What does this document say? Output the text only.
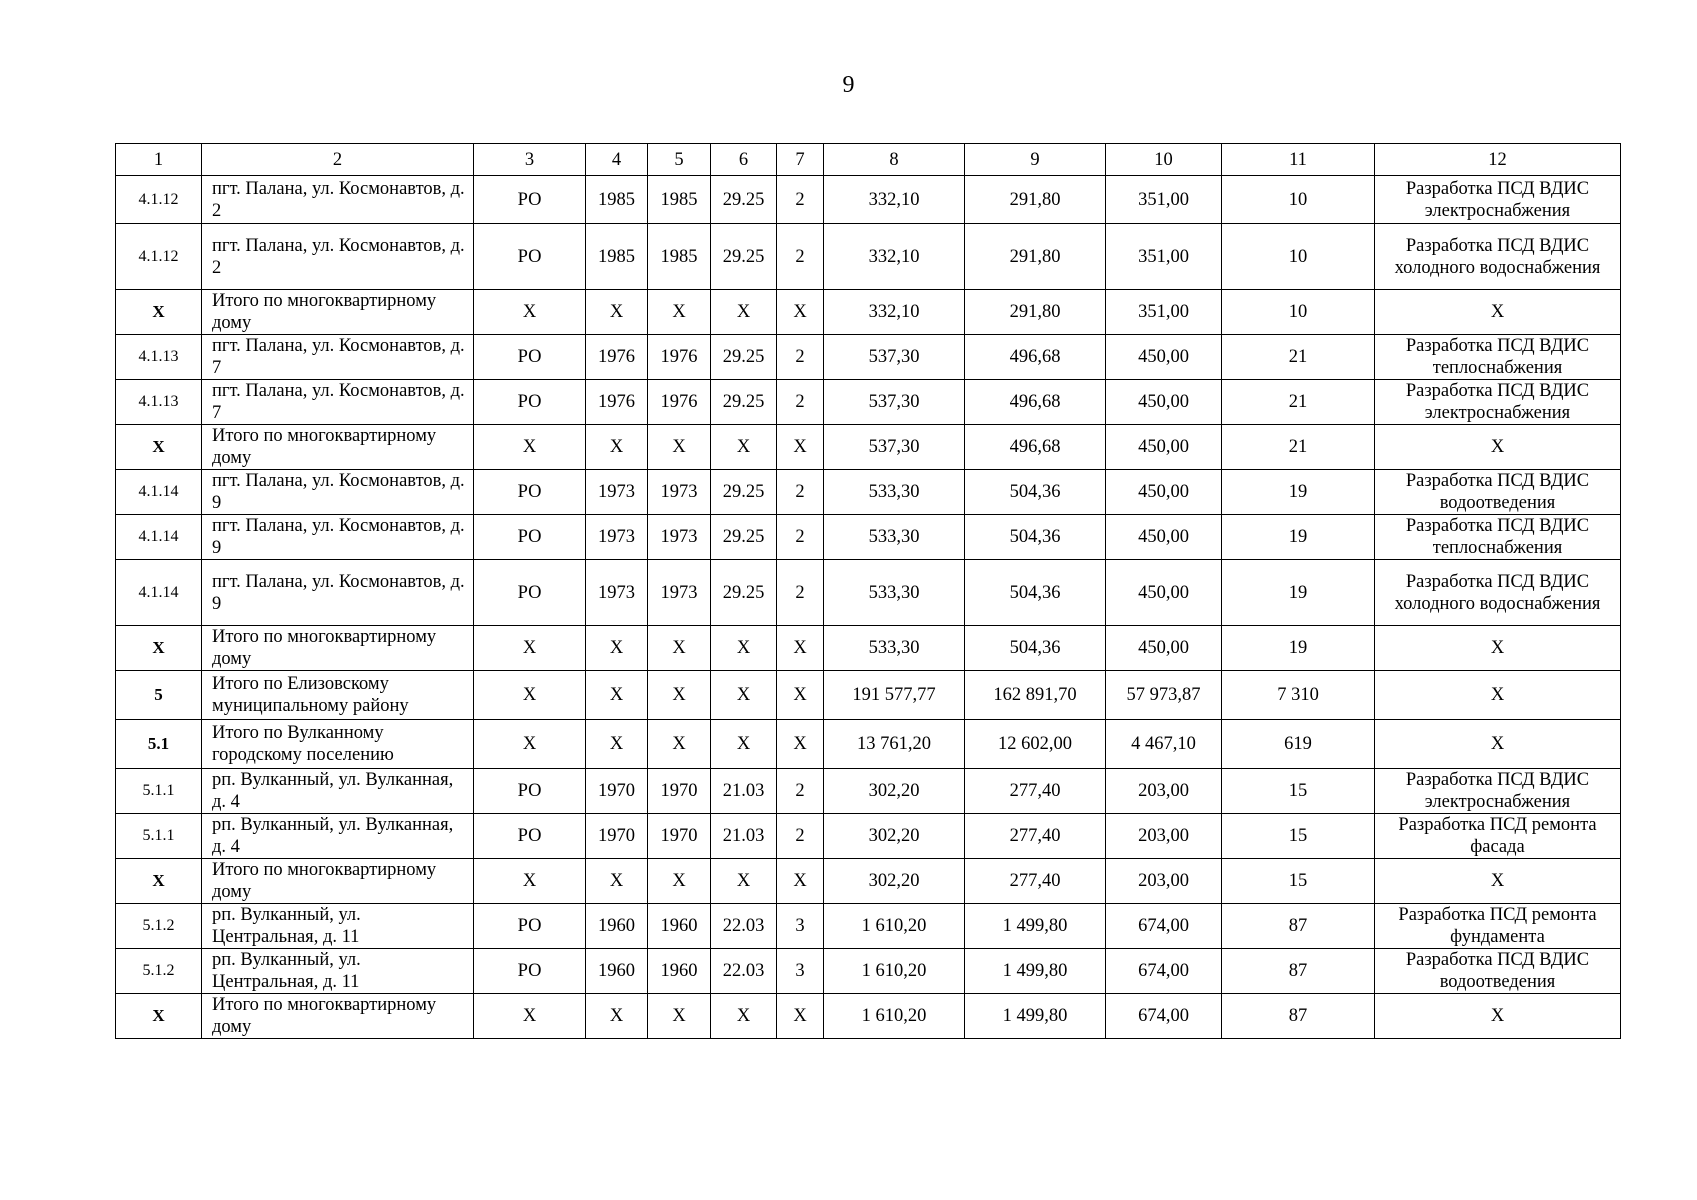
9
1	2	3	4	5	6	7	8	9	10	11	12
4.1.12	пгт. Палана, ул. Космонавтов, д. 2	РО	1985	1985	29.25	2	332,10	291,80	351,00	10	Разработка ПСД ВДИС электроснабжения
4.1.12	пгт. Палана, ул. Космонавтов, д. 2	РО	1985	1985	29.25	2	332,10	291,80	351,00	10	Разработка ПСД ВДИС холодного водоснабжения
Х	Итого по многоквартирному дому	Х	Х	Х	Х	Х	332,10	291,80	351,00	10	Х
4.1.13	пгт. Палана, ул. Космонавтов, д. 7	РО	1976	1976	29.25	2	537,30	496,68	450,00	21	Разработка ПСД ВДИС теплоснабжения
4.1.13	пгт. Палана, ул. Космонавтов, д. 7	РО	1976	1976	29.25	2	537,30	496,68	450,00	21	Разработка ПСД ВДИС электроснабжения
Х	Итого по многоквартирному дому	Х	Х	Х	Х	Х	537,30	496,68	450,00	21	Х
4.1.14	пгт. Палана, ул. Космонавтов, д. 9	РО	1973	1973	29.25	2	533,30	504,36	450,00	19	Разработка ПСД ВДИС водоотведения
4.1.14	пгт. Палана, ул. Космонавтов, д. 9	РО	1973	1973	29.25	2	533,30	504,36	450,00	19	Разработка ПСД ВДИС теплоснабжения
4.1.14	пгт. Палана, ул. Космонавтов, д. 9	РО	1973	1973	29.25	2	533,30	504,36	450,00	19	Разработка ПСД ВДИС холодного водоснабжения
Х	Итого по многоквартирному дому	Х	Х	Х	Х	Х	533,30	504,36	450,00	19	Х
5	Итого по Елизовскому муниципальному району	Х	Х	Х	Х	Х	191 577,77	162 891,70	57 973,87	7 310	Х
5.1	Итого по Вулканному городскому поселению	Х	Х	Х	Х	Х	13 761,20	12 602,00	4 467,10	619	Х
5.1.1	рп. Вулканный, ул. Вулканная, д. 4	РО	1970	1970	21.03	2	302,20	277,40	203,00	15	Разработка ПСД ВДИС электроснабжения
5.1.1	рп. Вулканный, ул. Вулканная, д. 4	РО	1970	1970	21.03	2	302,20	277,40	203,00	15	Разработка ПСД ремонта фасада
Х	Итого по многоквартирному дому	Х	Х	Х	Х	Х	302,20	277,40	203,00	15	Х
5.1.2	рп. Вулканный, ул. Центральная, д. 11	РО	1960	1960	22.03	3	1 610,20	1 499,80	674,00	87	Разработка ПСД ремонта фундамента
5.1.2	рп. Вулканный, ул. Центральная, д. 11	РО	1960	1960	22.03	3	1 610,20	1 499,80	674,00	87	Разработка ПСД ВДИС водоотведения
Х	Итого по многоквартирному дому	Х	Х	Х	Х	Х	1 610,20	1 499,80	674,00	87	Х
